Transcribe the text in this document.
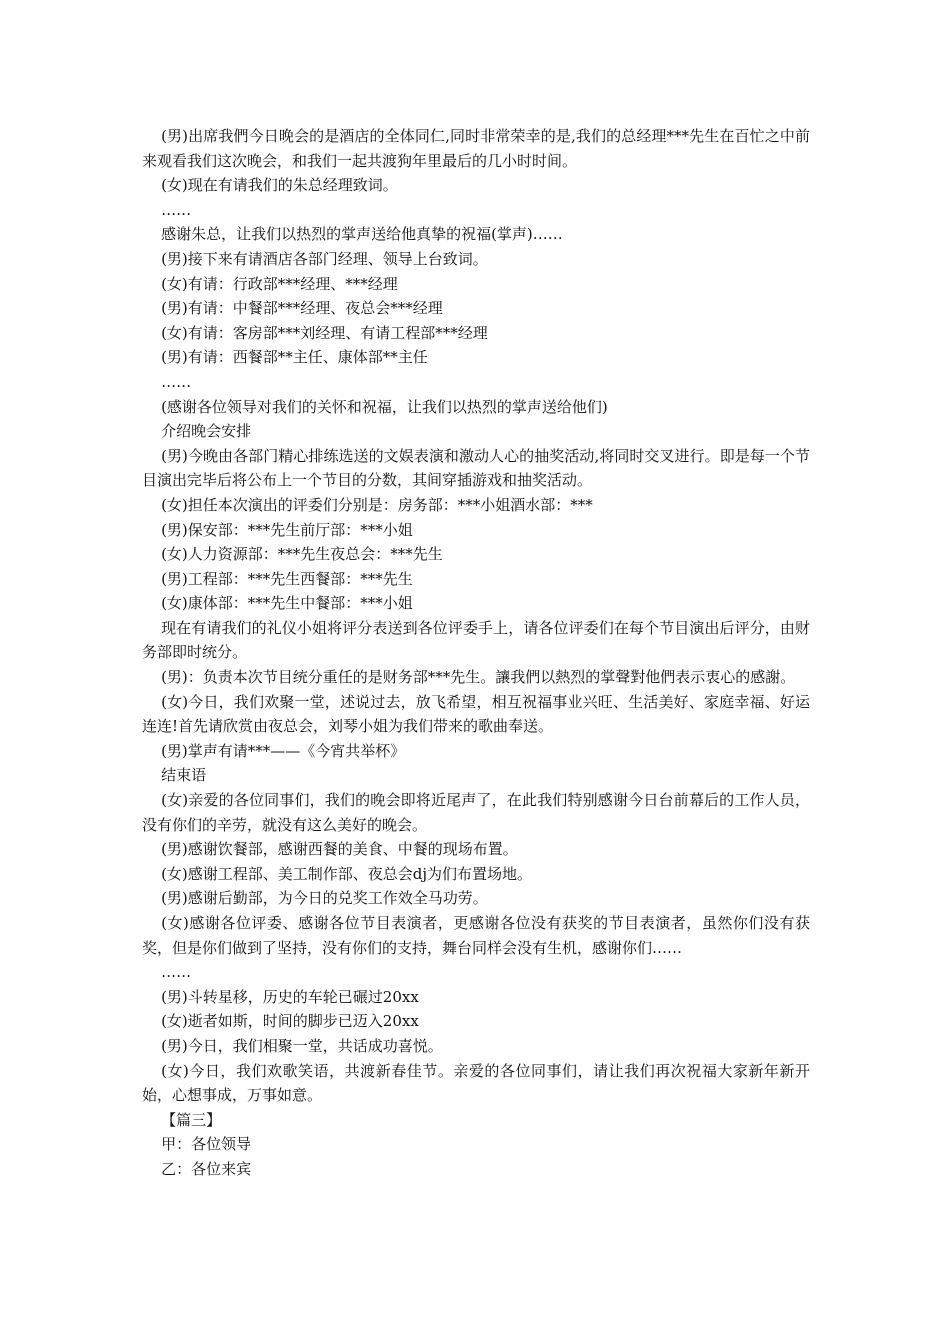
(男)出席我們今日晚会的是酒店的全体同仁,同时非常荣幸的是,我们的总经理***先生在百忙之中前来观看我们这次晚会，和我们一起共渡狗年里最后的几小时时间。

(女)现在有请我们的朱总经理致词。

……

感谢朱总，让我们以热烈的掌声送给他真挚的祝福(掌声)……

(男)接下来有请酒店各部门经理、领导上台致词。

(女)有请：行政部***经理、***经理

(男)有请：中餐部***经理、夜总会***经理

(女)有请：客房部***刘经理、有请工程部***经理

(男)有请：西餐部**主任、康体部**主任

……

(感谢各位领导对我们的关怀和祝福，让我们以热烈的掌声送给他们)

介绍晚会安排

(男)今晚由各部门精心排练选送的文娱表演和激动人心的抽奖活动,将同时交叉进行。即是每一个节目演出完毕后将公布上一个节目的分数，其间穿插游戏和抽奖活动。

(女)担任本次演出的评委们分别是：房务部：***小姐酒水部：***

(男)保安部：***先生前厅部：***小姐

(女)人力资源部：***先生夜总会：***先生

(男)工程部：***先生西餐部：***先生

(女)康体部：***先生中餐部：***小姐

现在有请我们的礼仪小姐将评分表送到各位评委手上，请各位评委们在每个节目演出后评分，由财务部即时统分。

(男)：负责本次节目统分重任的是财务部***先生。讓我們以熱烈的掌聲對他們表示衷心的感謝。

(女)今日，我们欢聚一堂，述说过去，放飞希望，相互祝福事业兴旺、生活美好、家庭幸福、好运连连!首先请欣赏由夜总会，刘琴小姐为我们带来的歌曲奉送。

(男)掌声有请***——《今宵共举杯》

结束语

(女)亲爱的各位同事们，我们的晚会即将近尾声了，在此我们特别感谢今日台前幕后的工作人员，没有你们的辛劳，就没有这么美好的晚会。

(男)感谢饮餐部，感谢西餐的美食、中餐的现场布置。

(女)感谢工程部、美工制作部、夜总会dj为们布置场地。

(男)感谢后勤部，为今日的兑奖工作效全马功劳。

(女)感谢各位评委、感谢各位节目表演者，更感谢各位没有获奖的节目表演者，虽然你们没有获奖，但是你们做到了坚持，没有你们的支持，舞台同样会没有生机，感谢你们……

……

(男)斗转星移，历史的车轮已碾过20xx

(女)逝者如斯，时间的脚步已迈入20xx

(男)今日，我们相聚一堂，共话成功喜悦。

(女)今日，我们欢歌笑语，共渡新春佳节。亲爱的各位同事们，请让我们再次祝福大家新年新开始，心想事成，万事如意。

【篇三】

甲：各位领导

乙：各位来宾
